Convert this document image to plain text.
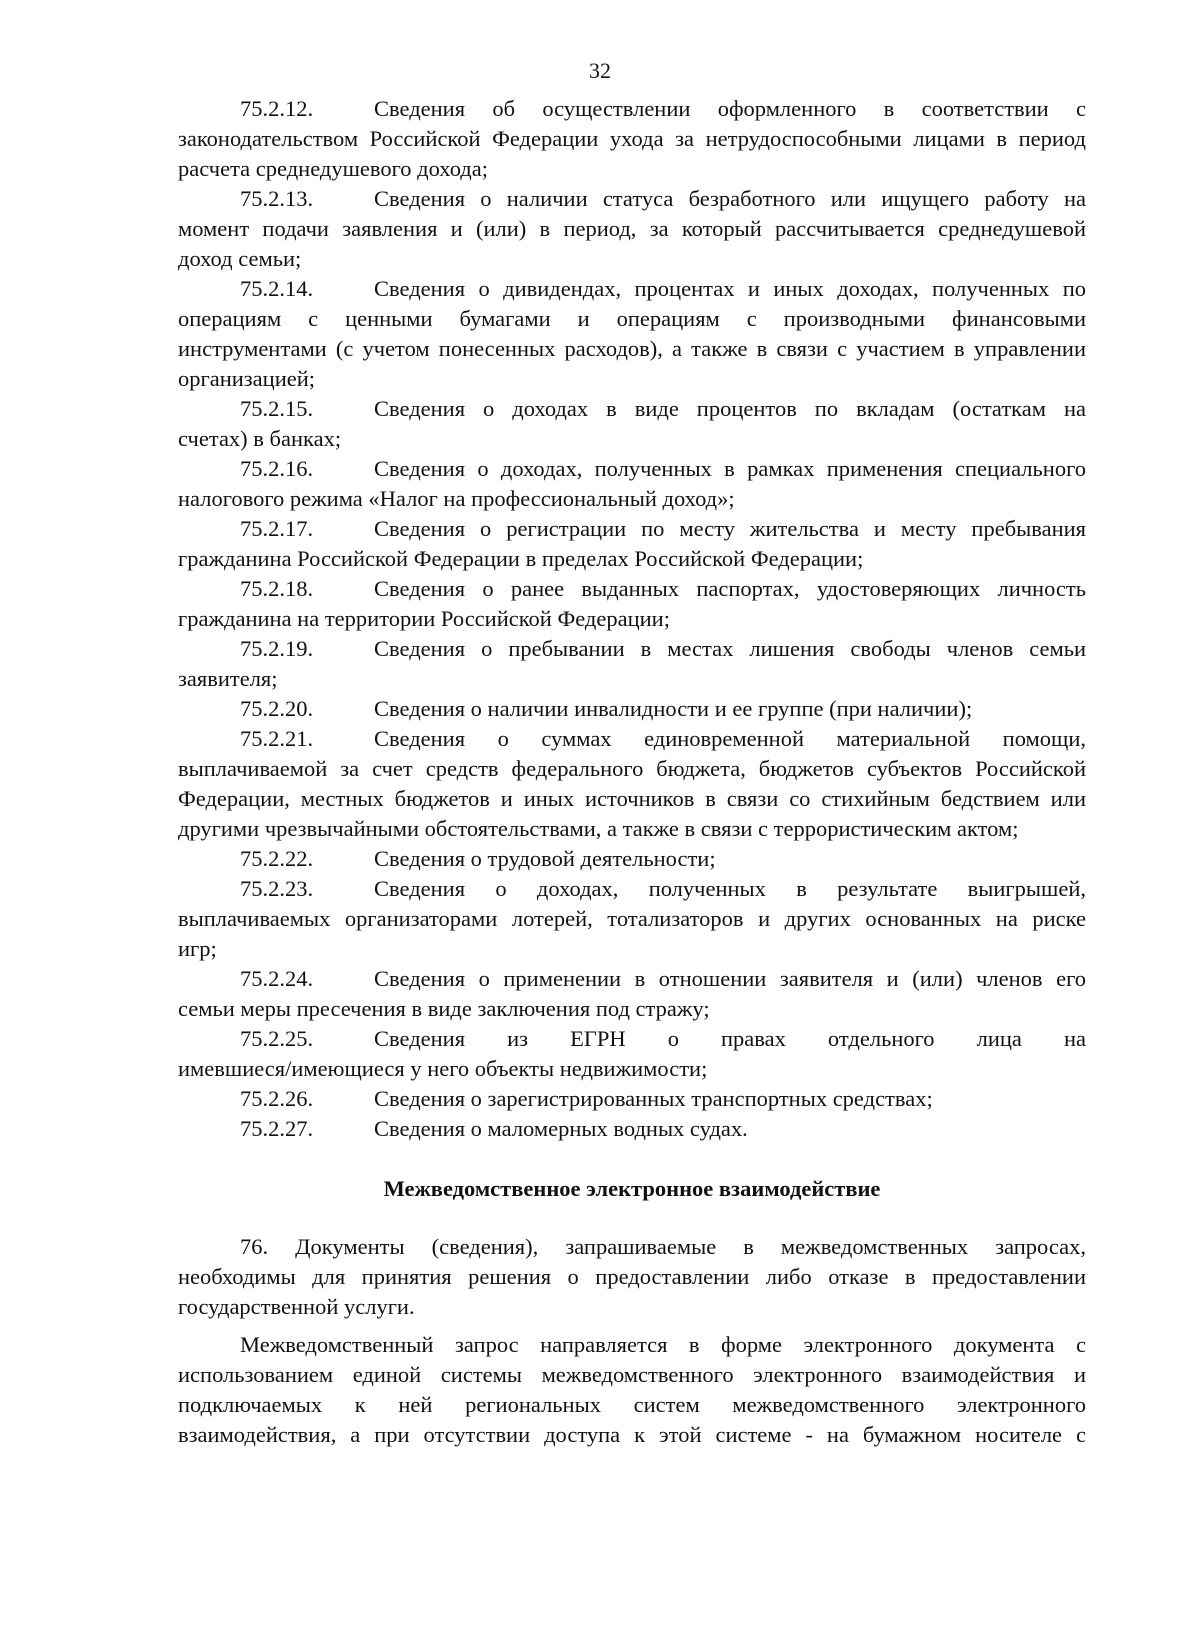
32
75.2.12.	Сведения об осуществлении оформленного в соответствии с
законодательством Российской Федерации ухода за нетрудоспособными лицами в период
расчета среднедушевого дохода;
75.2.13.	Сведения о наличии статуса безработного или ищущего работу на
момент подачи заявления и (или) в период, за который рассчитывается среднедушевой
доход семьи;
75.2.14.	Сведения о дивидендах, процентах и иных доходах, полученных по
операциям с ценными бумагами и операциям с производными финансовыми
инструментами (с учетом понесенных расходов), а также в связи с участием в управлении
организацией;
75.2.15.	Сведения о доходах в виде процентов по вкладам (остаткам на
счетах) в банках;
75.2.16.	Сведения о доходах, полученных в рамках применения специального
налогового режима «Налог на профессиональный доход»;
75.2.17.	Сведения о регистрации по месту жительства и месту пребывания
гражданина Российской Федерации в пределах Российской Федерации;
75.2.18.	Сведения о ранее выданных паспортах, удостоверяющих личность
гражданина на территории Российской Федерации;
75.2.19.	Сведения о пребывании в местах лишения свободы членов семьи
заявителя;
75.2.20.	Сведения о наличии инвалидности и ее группе (при наличии);
75.2.21.	Сведения о суммах единовременной материальной помощи,
выплачиваемой за счет средств федерального бюджета, бюджетов субъектов Российской
Федерации, местных бюджетов и иных источников в связи со стихийным бедствием или
другими чрезвычайными обстоятельствами, а также в связи с террористическим актом;
75.2.22.	Сведения о трудовой деятельности;
75.2.23.	Сведения о доходах, полученных в результате выигрышей,
выплачиваемых организаторами лотерей, тотализаторов и других основанных на риске
игр;
75.2.24.	Сведения о применении в отношении заявителя и (или) членов его
семьи меры пресечения в виде заключения под стражу;
75.2.25.	Сведения из ЕГРН о правах отдельного лица на
имевшиеся/имеющиеся у него объекты недвижимости;
75.2.26.	Сведения о зарегистрированных транспортных средствах;
75.2.27.	Сведения о маломерных водных судах.
Межведомственное электронное взаимодействие
76. Документы (сведения), запрашиваемые в межведомственных запросах,
необходимы для принятия решения о предоставлении либо отказе в предоставлении
государственной услуги.
Межведомственный запрос направляется в форме электронного документа с
использованием единой системы межведомственного электронного взаимодействия и
подключаемых к ней региональных систем межведомственного электронного
взаимодействия, а при отсутствии доступа к этой системе - на бумажном носителе с
